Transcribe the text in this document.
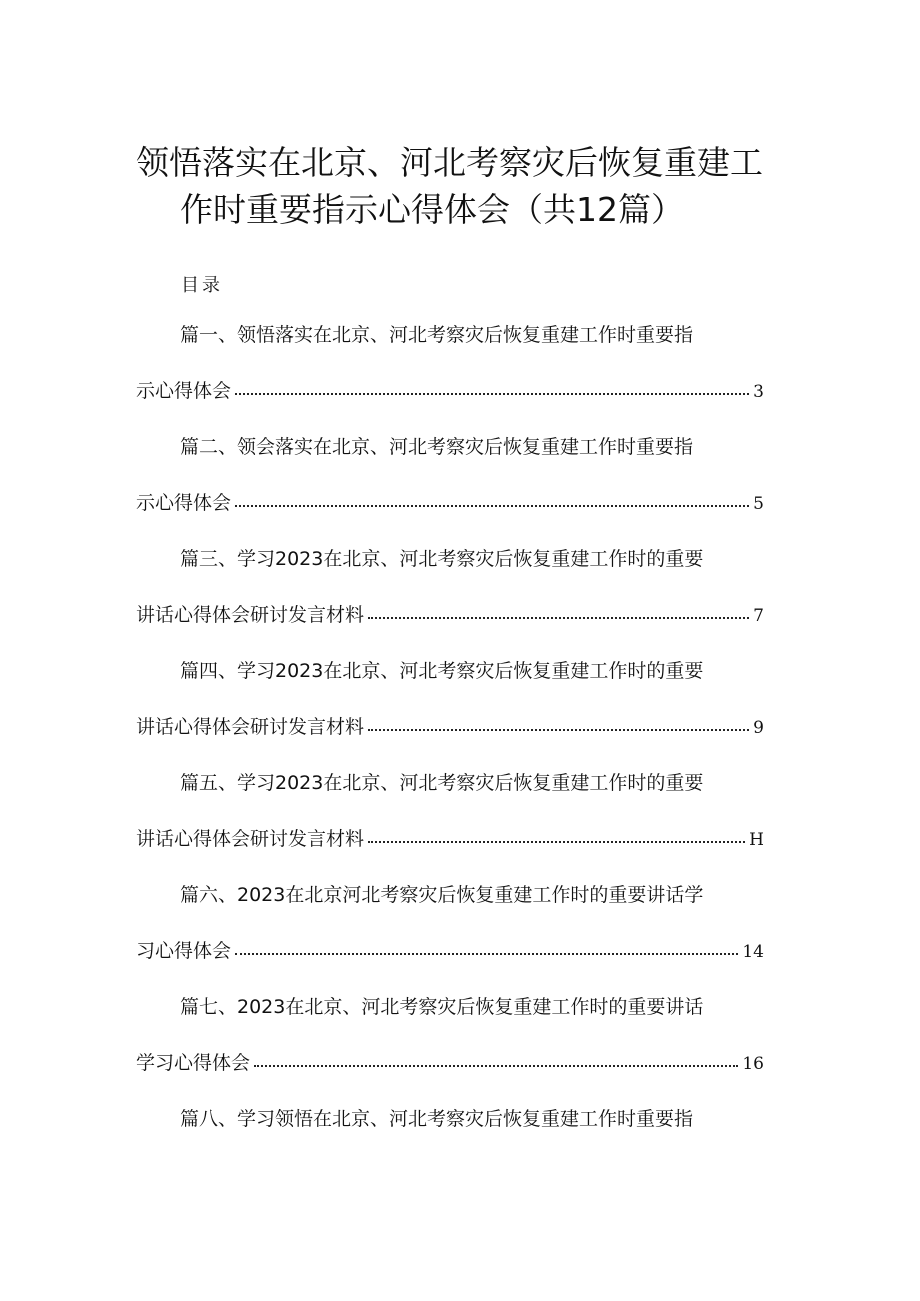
领悟落实在北京、河北考察灾后恢复重建工
作时重要指示心得体会（共12篇）
目录
篇一、领悟落实在北京、河北考察灾后恢复重建工作时重要指
示心得体会	3
篇二、领会落实在北京、河北考察灾后恢复重建工作时重要指
示心得体会	5
篇三、学习2023在北京、河北考察灾后恢复重建工作时的重要
讲话心得体会研讨发言材料	7
篇四、学习2023在北京、河北考察灾后恢复重建工作时的重要
讲话心得体会研讨发言材料	9
篇五、学习2023在北京、河北考察灾后恢复重建工作时的重要
讲话心得体会研讨发言材料	H
篇六、2023在北京河北考察灾后恢复重建工作时的重要讲话学
习心得体会	14
篇七、2023在北京、河北考察灾后恢复重建工作时的重要讲话
学习心得体会	16
篇八、学习领悟在北京、河北考察灾后恢复重建工作时重要指
